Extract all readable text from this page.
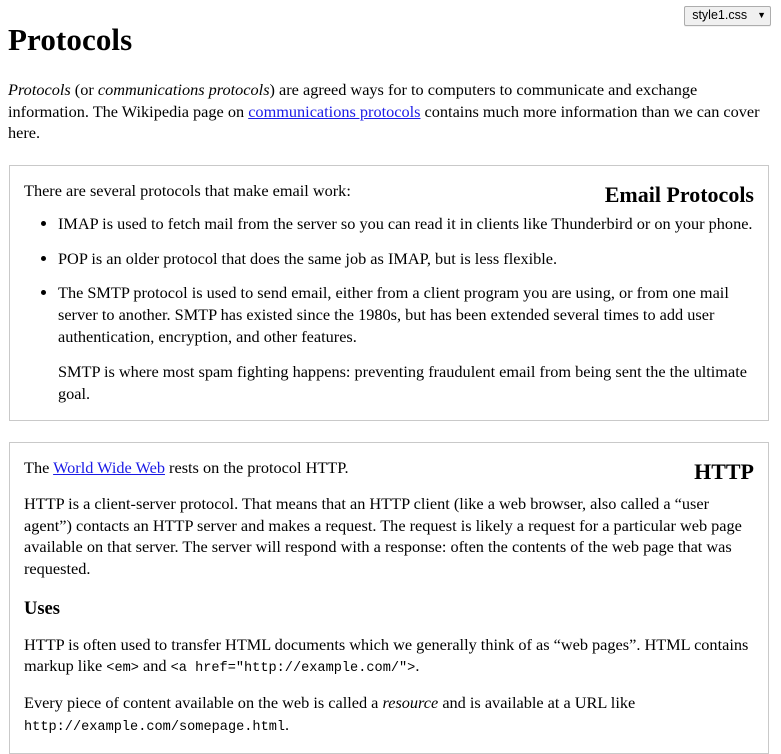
style1.css ▼
Protocols

Protocols (or communications protocols) are agreed ways for to computers to communicate and exchange information. The Wikipedia page on communications protocols contains much more information than we can cover here.

Email Protocols

There are several protocols that make email work:

• IMAP is used to fetch mail from the server so you can read it in clients like Thunderbird or on your phone.
• POP is an older protocol that does the same job as IMAP, but is less flexible.
• The SMTP protocol is used to send email, either from a client program you are using, or from one mail server to another. SMTP has existed since the 1980s, but has been extended several times to add user authentication, encryption, and other features.

SMTP is where most spam fighting happens: preventing fraudulent email from being sent the the ultimate goal.

HTTP

The World Wide Web rests on the protocol HTTP.

HTTP is a client-server protocol. That means that an HTTP client (like a web browser, also called a “user agent”) contacts an HTTP server and makes a request. The request is likely a request for a particular web page available on that server. The server will respond with a response: often the contents of the web page that was requested.

Uses

HTTP is often used to transfer HTML documents which we generally think of as “web pages”. HTML contains markup like <em> and <a href="http://example.com/">.

Every piece of content available on the web is called a resource and is available at a URL like http://example.com/somepage.html.
